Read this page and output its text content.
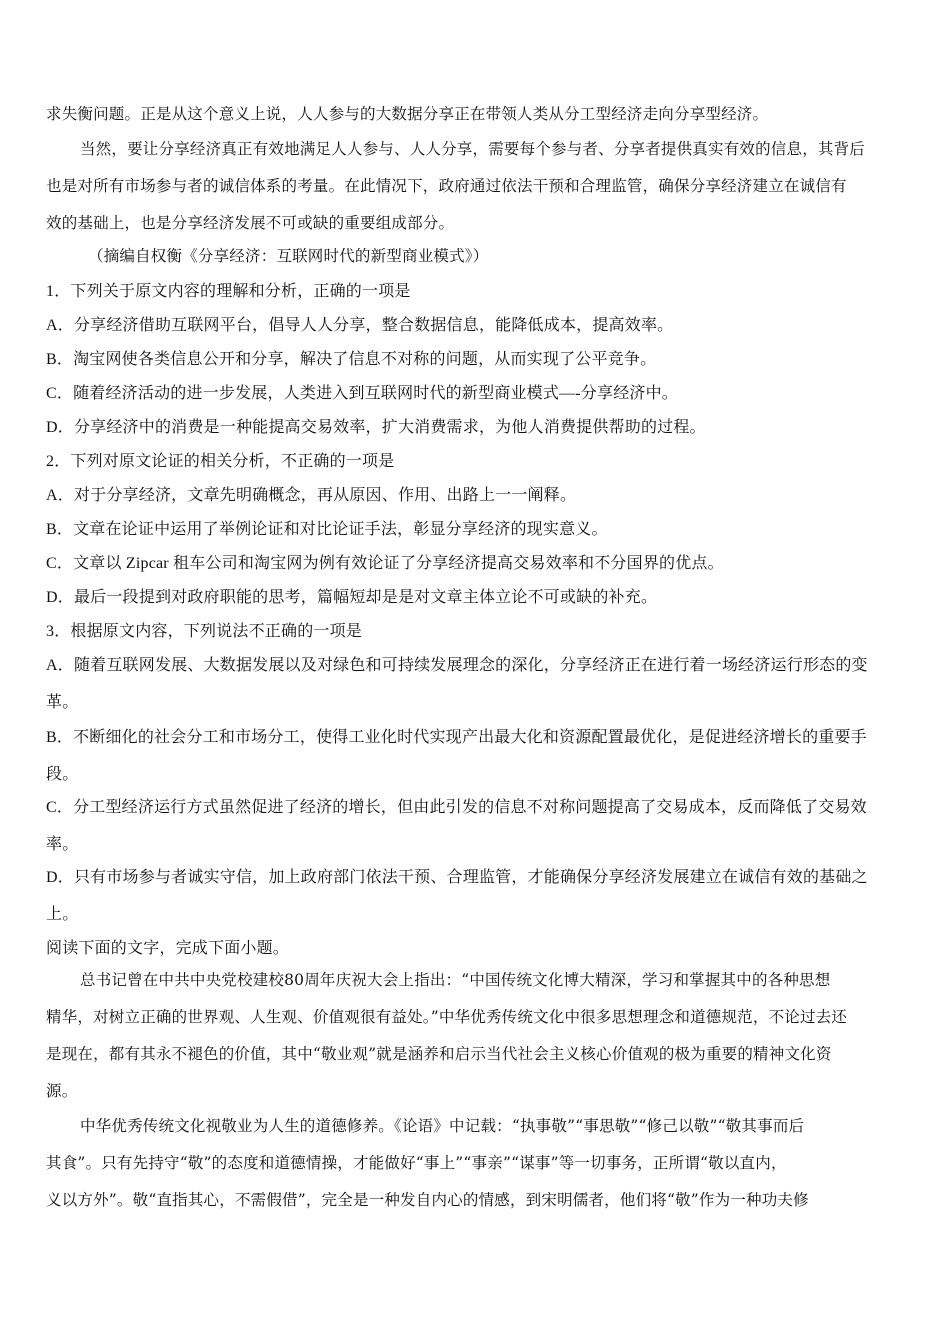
求失衡问题。正是从这个意义上说，人人参与的大数据分享正在带领人类从分工型经济走向分享型经济。
当然，要让分享经济真正有效地满足人人参与、人人分享，需要每个参与者、分享者提供真实有效的信息，其背后
也是对所有市场参与者的诚信体系的考量。在此情况下，政府通过依法干预和合理监管，确保分享经济建立在诚信有
效的基础上，也是分享经济发展不可或缺的重要组成部分。
（摘编自权衡《分享经济：互联网时代的新型商业模式》）
1．下列关于原文内容的理解和分析，正确的一项是
A．分享经济借助互联网平台，倡导人人分享，整合数据信息，能降低成本，提高效率。
B．淘宝网使各类信息公开和分享，解决了信息不对称的问题，从而实现了公平竞争。
C．随着经济活动的进一步发展，人类进入到互联网时代的新型商业模式—-分享经济中。
D．分享经济中的消费是一种能提高交易效率，扩大消费需求，为他人消费提供帮助的过程。
2．下列对原文论证的相关分析，不正确的一项是
A．对于分享经济，文章先明确概念，再从原因、作用、出路上一一阐释。
B．文章在论证中运用了举例论证和对比论证手法，彰显分享经济的现实意义。
C．文章以 Zipcar 租车公司和淘宝网为例有效论证了分享经济提高交易效率和不分国界的优点。
D．最后一段提到对政府职能的思考，篇幅短却是是对文章主体立论不可或缺的补充。
3．根据原文内容，下列说法不正确的一项是
A．随着互联网发展、大数据发展以及对绿色和可持续发展理念的深化，分享经济正在进行着一场经济运行形态的变
革。
B．不断细化的社会分工和市场分工，使得工业化时代实现产出最大化和资源配置最优化，是促进经济增长的重要手
段。
C．分工型经济运行方式虽然促进了经济的增长，但由此引发的信息不对称问题提高了交易成本，反而降低了交易效
率。
D．只有市场参与者诚实守信，加上政府部门依法干预、合理监管，才能确保分享经济发展建立在诚信有效的基础之
上。
阅读下面的文字，完成下面小题。
总书记曾在中共中央党校建校80周年庆祝大会上指出：“中国传统文化博大精深，学习和掌握其中的各种思想
精华，对树立正确的世界观、人生观、价值观很有益处。”中华优秀传统文化中很多思想理念和道德规范，不论过去还
是现在，都有其永不褪色的价值，其中“敬业观”就是涵养和启示当代社会主义核心价值观的极为重要的精神文化资
源。
中华优秀传统文化视敬业为人生的道德修养。《论语》中记载：“执事敬”“事思敬”“修己以敬”“敬其事而后
其食”。只有先持守“敬”的态度和道德情操，才能做好“事上”“事亲”“谋事”等一切事务，正所谓“敬以直内，
义以方外”。敬“直指其心，不需假借”，完全是一种发自内心的情感，到宋明儒者，他们将“敬”作为一种功夫修
